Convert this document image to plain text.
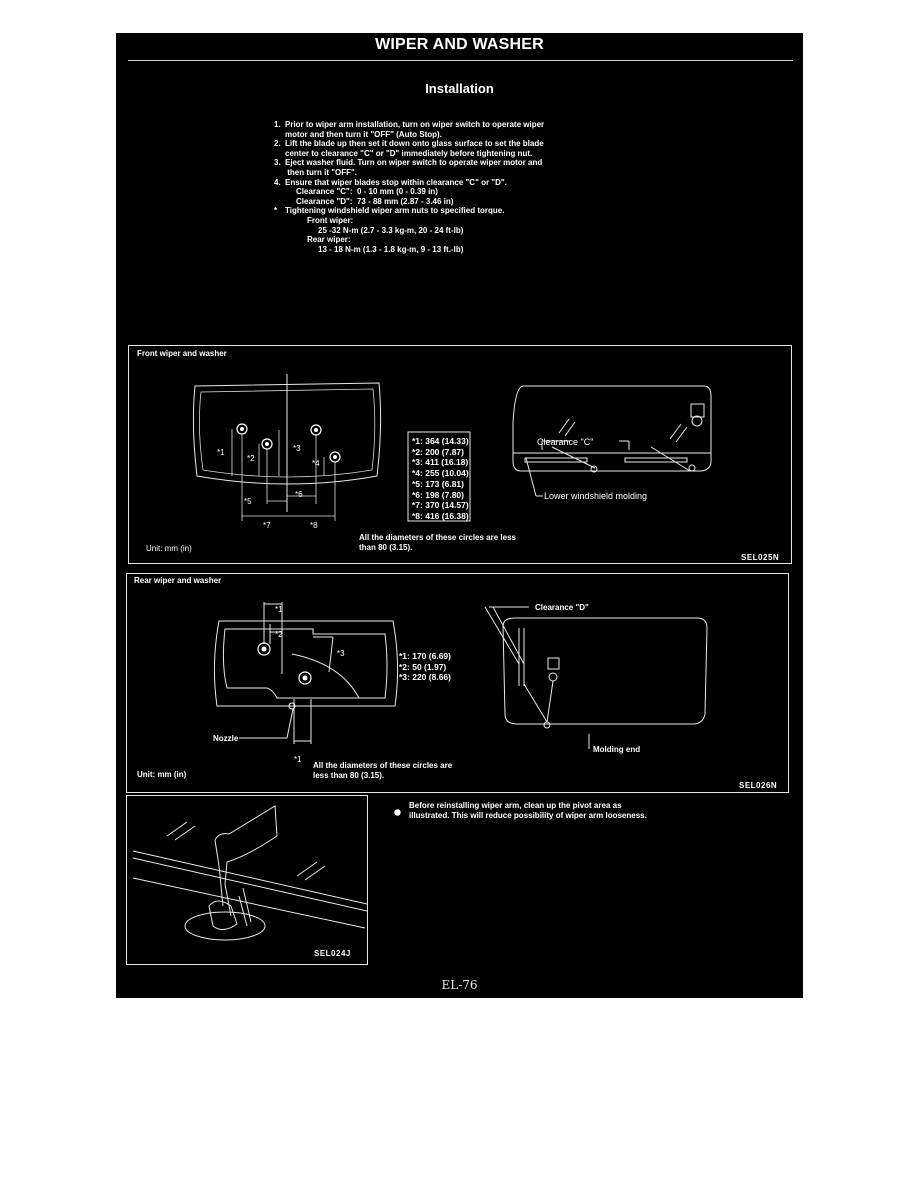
WIPER AND WASHER
Installation
1. Prior to wiper arm installation, turn on wiper switch to operate wiper
motor and then turn it "OFF" (Auto Stop).
2. Lift the blade up then set it down onto glass surface to set the blade
center to clearance "C" or "D" immediately before tightening nut.
3. Eject washer fluid. Turn on wiper switch to operate wiper motor and
then turn it "OFF".
4. Ensure that wiper blades stop within clearance "C" or "D".
Clearance "C":  0 - 10 mm (0 - 0.39 in)
Clearance "D":  73 - 88 mm (2.87 - 3.46 in)
* Tightening windshield wiper arm nuts to specified torque.
Front wiper:
25 -32 N-m (2.7 - 3.3 kg-m, 20 - 24 ft-lb)
Rear wiper:
13 - 18 N-m (1.3 - 1.8 kg-m, 9 - 13 ft.-lb)
Front wiper and washer
*1
*2
*3
*4
*5
*6
*7	*8
Clearance "C"
Lower windshield molding
*1: 364 (14.33)
*2: 200 (7.87)
*3: 411 (16.18)
*4: 255 (10.04)
*5: 173 (6.81)
*6: 198 (7.80)
*7: 370 (14.57)
*8: 416 (16.38)
Unit: mm (in)
All the diameters of these circles are less
than 80 (3.15).
SEL025N
Rear wiper and washer
*1
*2
*3
*1
Nozzle
Clearance "D"
Molding end
*1: 170 (6.69)
*2: 50 (1.97)
*3: 220 (8.66)
Unit: mm (in)
All the diameters of these circles are
less than 80 (3.15).
SEL026N
SEL024J
Before reinstalling wiper arm, clean up the pivot area as
illustrated. This will reduce possibility of wiper arm looseness.
EL-76
